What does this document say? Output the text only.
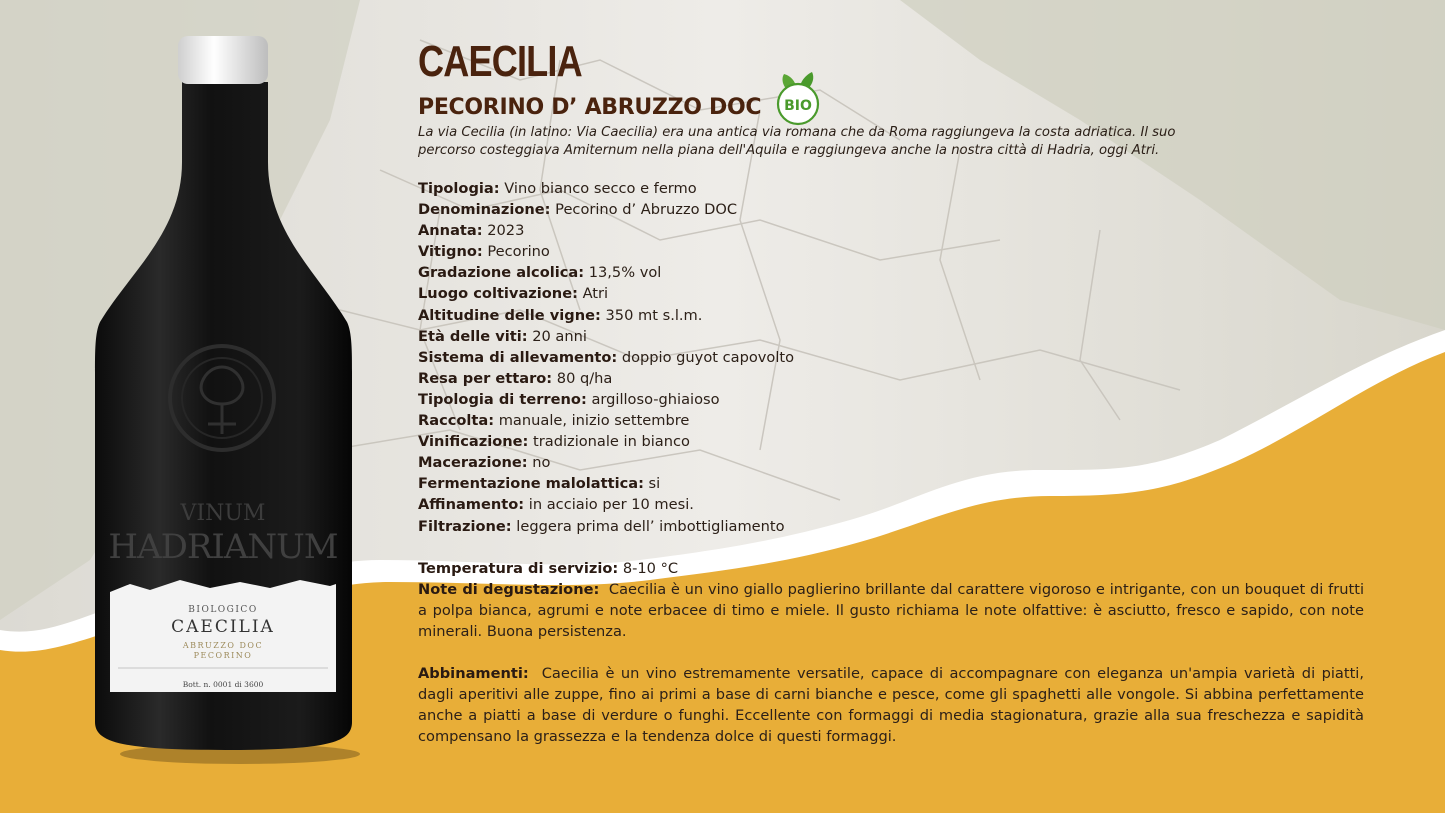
VINUM
HADRIANUM
BIOLOGICO
CAECILIA
ABRUZZO DOC
PECORINO
Bott. n. 0001 di 3600
BIO
CAECILIA
PECORINO D’ ABRUZZO DOC

La via Cecilia (in latino: Via Caecilia) era una antica via romana che da Roma raggiungeva la costa adriatica. Il suo percorso costeggiava Amiternum nella piana dell'Aquila e raggiungeva anche la nostra città di Hadria, oggi Atri.

Tipologia: Vino bianco secco e fermo
Denominazione: Pecorino d’ Abruzzo DOC
Annata: 2023
Vitigno: Pecorino
Gradazione alcolica: 13,5% vol
Luogo coltivazione: Atri
Altitudine delle vigne: 350 mt s.l.m.
Età delle viti: 20 anni
Sistema di allevamento: doppio guyot capovolto
Resa per ettaro: 80 q/ha
Tipologia di terreno: argilloso-ghiaioso
Raccolta: manuale, inizio settembre
Vinificazione: tradizionale in bianco
Macerazione: no
Fermentazione malolattica: si
Affinamento: in acciaio per 10 mesi.
Filtrazione: leggera prima dell’ imbottigliamento
Temperatura di servizio: 8-10 °C
Note di degustazione: Caecilia è un vino giallo paglierino brillante dal carattere vigoroso e intrigante, con un bouquet di frutti a polpa bianca, agrumi e note erbacee di timo e miele. Il gusto richiama le note olfattive: è asciutto, fresco e sapido, con note minerali. Buona persistenza.
Abbinamenti: Caecilia è un vino estremamente versatile, capace di accompagnare con eleganza un'ampia varietà di piatti, dagli aperitivi alle zuppe, fino ai primi a base di carni bianche e pesce, come gli spaghetti alle vongole. Si abbina perfettamente anche a piatti a base di verdure o funghi. Eccellente con formaggi di media stagionatura, grazie alla sua freschezza e sapidità compensano la grassezza e la tendenza dolce di questi formaggi.
